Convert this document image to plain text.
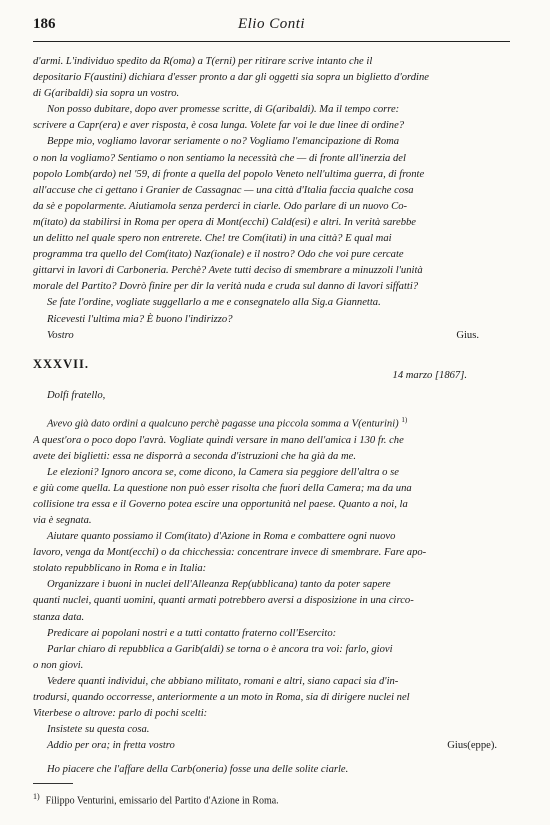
186	Elio Conti

d'armi. L'individuo spedito da R(oma) a T(erni) per ritirare scrive intanto che il

depositario F(austini) dichiara d'esser pronto a dar gli oggetti sia sopra un biglietto d'ordine

di G(aribaldi) sia sopra un vostro.

Non posso dubitare, dopo aver promesse scritte, di G(aribaldi). Ma il tempo corre:

scrivere a Capr(era) e aver risposta, è cosa lunga. Volete far voi le due linee di ordine?

Beppe mio, vogliamo lavorar seriamente o no? Vogliamo l'emancipazione di Roma

o non la vogliamo? Sentiamo o non sentiamo la necessità che — di fronte all'inerzia del

popolo Lomb(ardo) nel '59, di fronte a quella del popolo Veneto nell'ultima guerra, di fronte

all'accuse che ci gettano i Granier de Cassagnac — una città d'Italia faccia qualche cosa

da sè e popolarmente. Aiutiamola senza perderci in ciarle. Odo parlare di un nuovo Co-

m(itato) da stabilirsi in Roma per opera di Mont(ecchi) Cald(esi) e altri. In verità sarebbe

un delitto nel quale spero non entrerete. Che! tre Com(itati) in una città? E qual mai

programma tra quello del Com(itato) Naz(ionale) e il nostro? Odo che voi pure cercate

gittarvi in lavori di Carboneria. Perchè? Avete tutti deciso di smembrare a minuzzoli l'unità

morale del Partito? Dovrò finire per dir la verità nuda e cruda sul danno di lavori siffatti?

Se fate l'ordine, vogliate suggellarlo a me e consegnatelo alla Sig.a Giannetta.

Ricevesti l'ultima mia? È buono l'indirizzo?

Vostro	Gius.

XXXVII.

14 marzo [1867].

Dolfi fratello,

Avevo già dato ordini a qualcuno perchè pagasse una piccola somma a V(enturini) $^{1)}$

A quest'ora o poco dopo l'avrà. Vogliate quindi versare in mano dell'amica i 130 fr. che

avete dei biglietti: essa ne disporrà a seconda d'istruzioni che ha già da me.

Le elezioni? Ignoro ancora se, come dicono, la Camera sia peggiore dell'altra o se

e giù come quella. La questione non può esser risolta che fuori della Camera; ma da una

collisione tra essa e il Governo potea escire una opportunità nel paese. Quanto a noi, la

via è segnata.

Aiutare quanto possiamo il Com(itato) d'Azione in Roma e combattere ogni nuovo

lavoro, venga da Mont(ecchi) o da chicchessia: concentrare invece di smembrare. Fare apo-

stolato repubblicano in Roma e in Italia:

Organizzare i buoni in nuclei dell'Alleanza Rep(ubblicana) tanto da poter sapere

quanti nuclei, quanti uomini, quanti armati potrebbero aversi a disposizione in una circo-

stanza data.

Predicare ai popolani nostri e a tutti contatto fraterno coll'Esercito:

Parlar chiaro di repubblica a Garib(aldi) se torna o è ancora tra voi: farlo, giovi

o non giovi.

Vedere quanti individui, che abbiano militato, romani e altri, siano capaci sia d'in-

trodursi, quando occorresse, anteriormente a un moto in Roma, sia di dirigere nuclei nel

Viterbese o altrove: parlo di pochi scelti:

Insistete su questa cosa.

Addio per ora; in fretta vostro	Gius(eppe).

Ho piacere che l'affare della Carb(oneria) fosse una delle solite ciarle.

$^{1)}$ Filippo Venturini, emissario del Partito d'Azione in Roma.
